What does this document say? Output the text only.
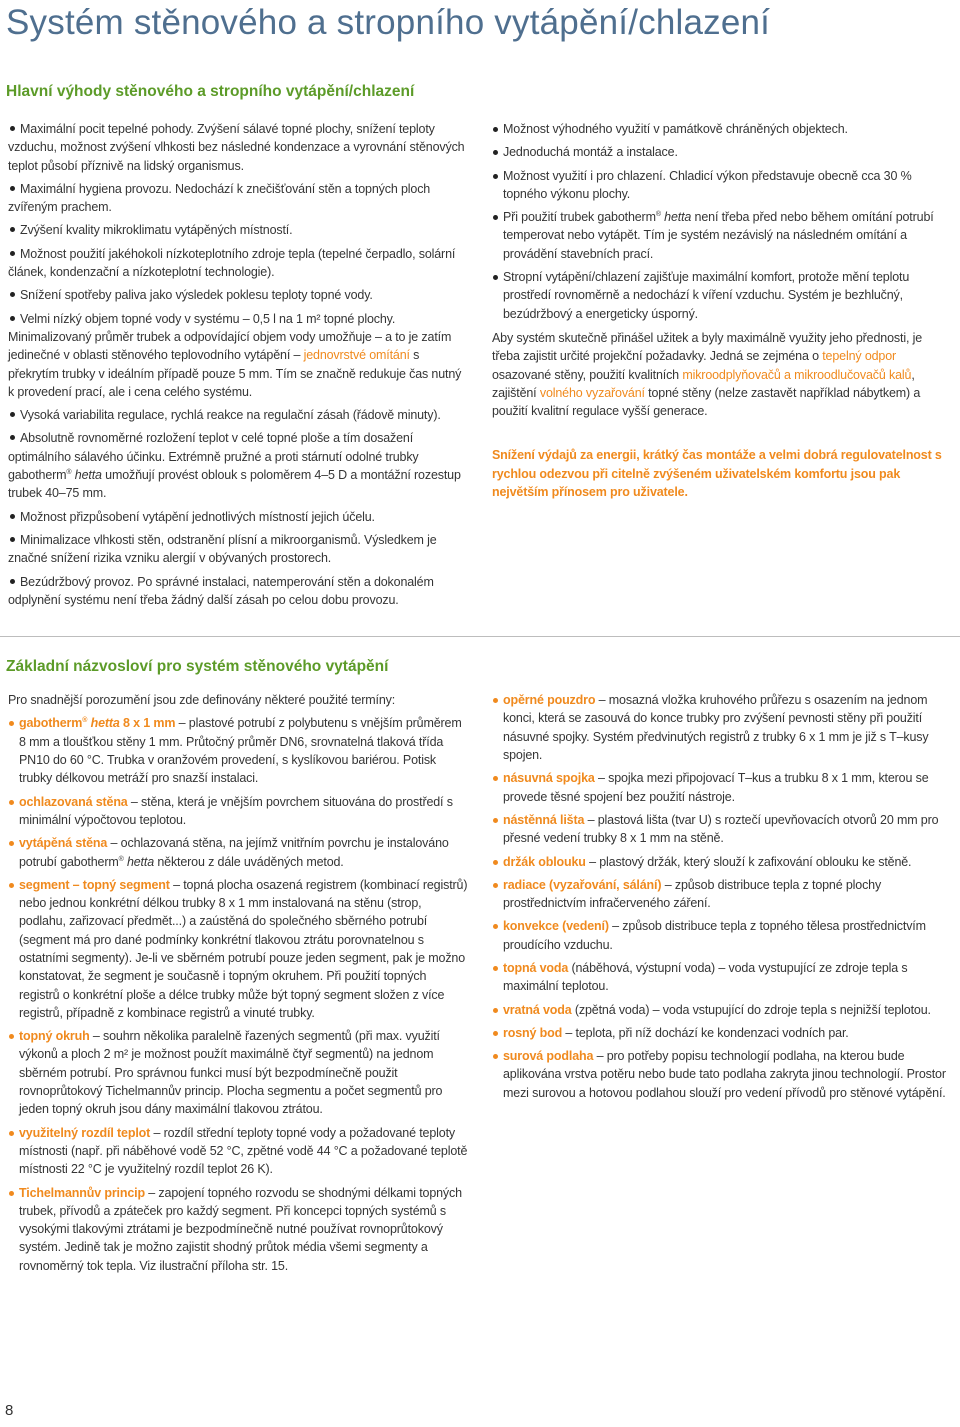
Systém stěnového a stropního vytápění/chlazení
Hlavní výhody stěnového a stropního vytápění/chlazení
Maximální pocit tepelné pohody. Zvýšení sálavé topné plochy, snížení teploty vzduchu, možnost zvýšení vlhkosti bez následné kondenzace a vyrovnání stěnových teplot působí příznivě na lidský organismus.
Maximální hygiena provozu. Nedochází k znečišťování stěn a topných ploch zvířeným prachem.
Zvýšení kvality mikroklimatu vytápěných místností.
Možnost použití jakéhokoli nízkoteplotního zdroje tepla (tepelné čerpadlo, solární článek, kondenzační a nízkoteplotní technologie).
Snížení spotřeby paliva jako výsledek poklesu teploty topné vody.
Velmi nízký objem topné vody v systému – 0,5 l na 1 m² topné plochy.

Minimalizovaný průměr trubek a odpovídající objem vody umožňuje – a to je zatím jedinečné v oblasti stěnového teplovodního vytápění – jednovrstvé omítání s překrytím trubky v ideálním případě pouze 5 mm. Tím se značně redukuje čas nutný k provedení prací, ale i cena celého systému.

Vysoká variabilita regulace, rychlá reakce na regulační zásah (řádově minuty).
Absolutně rovnoměrné rozložení teplot v celé topné ploše a tím dosažení optimálního sálavého účinku. Extrémně pružné a proti stárnutí odolné trubky gabotherm® hetta umožňují provést oblouk s poloměrem 4–5 D a montážní rozestup trubek 40–75 mm.
Možnost přizpůsobení vytápění jednotlivých místností jejich účelu.
Minimalizace vlhkosti stěn, odstranění plísní a mikroorganismů. Výsledkem je značné snížení rizika vzniku alergií v obývaných prostorech.
Bezúdržbový provoz. Po správné instalaci, natemperování stěn a dokonalém odplynění systému není třeba žádný další zásah po celou dobu provozu.
Možnost výhodného využití v památkově chráněných objektech.
Jednoduchá montáž a instalace.
Možnost využití i pro chlazení. Chladicí výkon představuje obecně cca 30 % topného výkonu plochy.
Při použití trubek gabotherm® hetta není třeba před nebo během omítání potrubí temperovat nebo vytápět. Tím je systém nezávislý na následném omítání a provádění stavebních prací.
Stropní vytápění/chlazení zajišťuje maximální komfort, protože mění teplotu prostředí rovnoměrně a nedochází k víření vzduchu. Systém je bezhlučný, bezúdržbový a energeticky úsporný.

Aby systém skutečně přinášel užitek a byly maximálně využity jeho přednosti, je třeba zajistit určité projekční požadavky. Jedná se zejména o tepelný odpor osazované stěny, použití kvalitních mikroodplyňovačů a mikroodlučovačů kalů, zajištění volného vyzařování topné stěny (nelze zastavět například nábytkem) a použití kvalitní regulace vyšší generace.

Snížení výdajů za energii, krátký čas montáže a velmi dobrá regulovatelnost s rychlou odezvou při citelně zvýšeném uživatelském komfortu jsou pak největším přínosem pro uživatele.

Základní názvosloví pro systém stěnového vytápění

Pro snadnější porozumění jsou zde definovány některé použité termíny:

gabotherm® hetta 8 x 1 mm – plastové potrubí z polybutenu s vnějším průměrem 8 mm a tloušťkou stěny 1 mm. Průtočný průměr DN6, srovnatelná tlaková třída PN10 do 60 °C. Trubka v oranžovém provedení, s kyslíkovou bariérou. Potisk trubky délkovou metráží pro snazší instalaci.
ochlazovaná stěna – stěna, která je vnějším povrchem situována do prostředí s minimální výpočtovou teplotou.
vytápěná stěna – ochlazovaná stěna, na jejímž vnitřním povrchu je instalováno potrubí gabotherm® hetta některou z dále uváděných metod.
segment – topný segment – topná plocha osazená registrem (kombinací registrů) nebo jednou konkrétní délkou trubky 8 x 1 mm instalovaná na stěnu (strop, podlahu, zařizovací předmět...) a zaústěná do společného sběrného potrubí (segment má pro dané podmínky konkrétní tlakovou ztrátu porovnatelnou s ostatními segmenty). Je-li ve sběrném potrubí pouze jeden segment, pak je možno konstatovat, že segment je současně i topným okruhem. Při použití topných registrů o konkrétní ploše a délce trubky může být topný segment složen z více registrů, případně z kombinace registrů a vinuté trubky.
topný okruh – souhrn několika paralelně řazených segmentů (při max. využití výkonů a ploch 2 m² je možnost použít maximálně čtyř segmentů) na jednom sběrném potrubí. Pro správnou funkci musí být bezpodmínečně použit rovnoprůtokový Tichelmannův princip. Plocha segmentu a počet segmentů pro jeden topný okruh jsou dány maximální tlakovou ztrátou.
využitelný rozdíl teplot – rozdíl střední teploty topné vody a požadované teploty místnosti (např. při náběhové vodě 52 °C, zpětné vodě 44 °C a požadované teplotě místnosti 22 °C je využitelný rozdíl teplot 26 K).
Tichelmannův princip – zapojení topného rozvodu se shodnými délkami topných trubek, přívodů a zpáteček pro každý segment. Při koncepci topných systémů s vysokými tlakovými ztrátami je bezpodmínečně nutné používat rovnoprůtokový systém. Jedině tak je možno zajistit shodný průtok média všemi segmenty a rovnoměrný tok tepla. Viz ilustrační příloha str. 15.
opěrné pouzdro – mosazná vložka kruhového průřezu s osazením na jednom konci, která se zasouvá do konce trubky pro zvýšení pevnosti stěny při použití násuvné spojky. Systém předvinutých registrů z trubky 6 x 1 mm je již s T–kusy spojen.
násuvná spojka – spojka mezi připojovací T–kus a trubku 8 x 1 mm, kterou se provede těsné spojení bez použití nástroje.
nástěnná lišta – plastová lišta (tvar U) s roztečí upevňovacích otvorů 20 mm pro přesné vedení trubky 8 x 1 mm na stěně.
držák oblouku – plastový držák, který slouží k zafixování oblouku ke stěně.
radiace (vyzařování, sálání) – způsob distribuce tepla z topné plochy prostřednictvím infračerveného záření.
konvekce (vedení) – způsob distribuce tepla z topného tělesa prostřednictvím proudícího vzduchu.
topná voda (náběhová, výstupní voda) – voda vystupující ze zdroje tepla s maximální teplotou.
vratná voda (zpětná voda) – voda vstupující do zdroje tepla s nejnižší teplotou.
rosný bod – teplota, při níž dochází ke kondenzaci vodních par.
surová podlaha – pro potřeby popisu technologií podlaha, na kterou bude aplikována vrstva potěru nebo bude tato podlaha zakryta jinou technologií. Prostor mezi surovou a hotovou podlahou slouží pro vedení přívodů pro stěnové vytápění.
8
